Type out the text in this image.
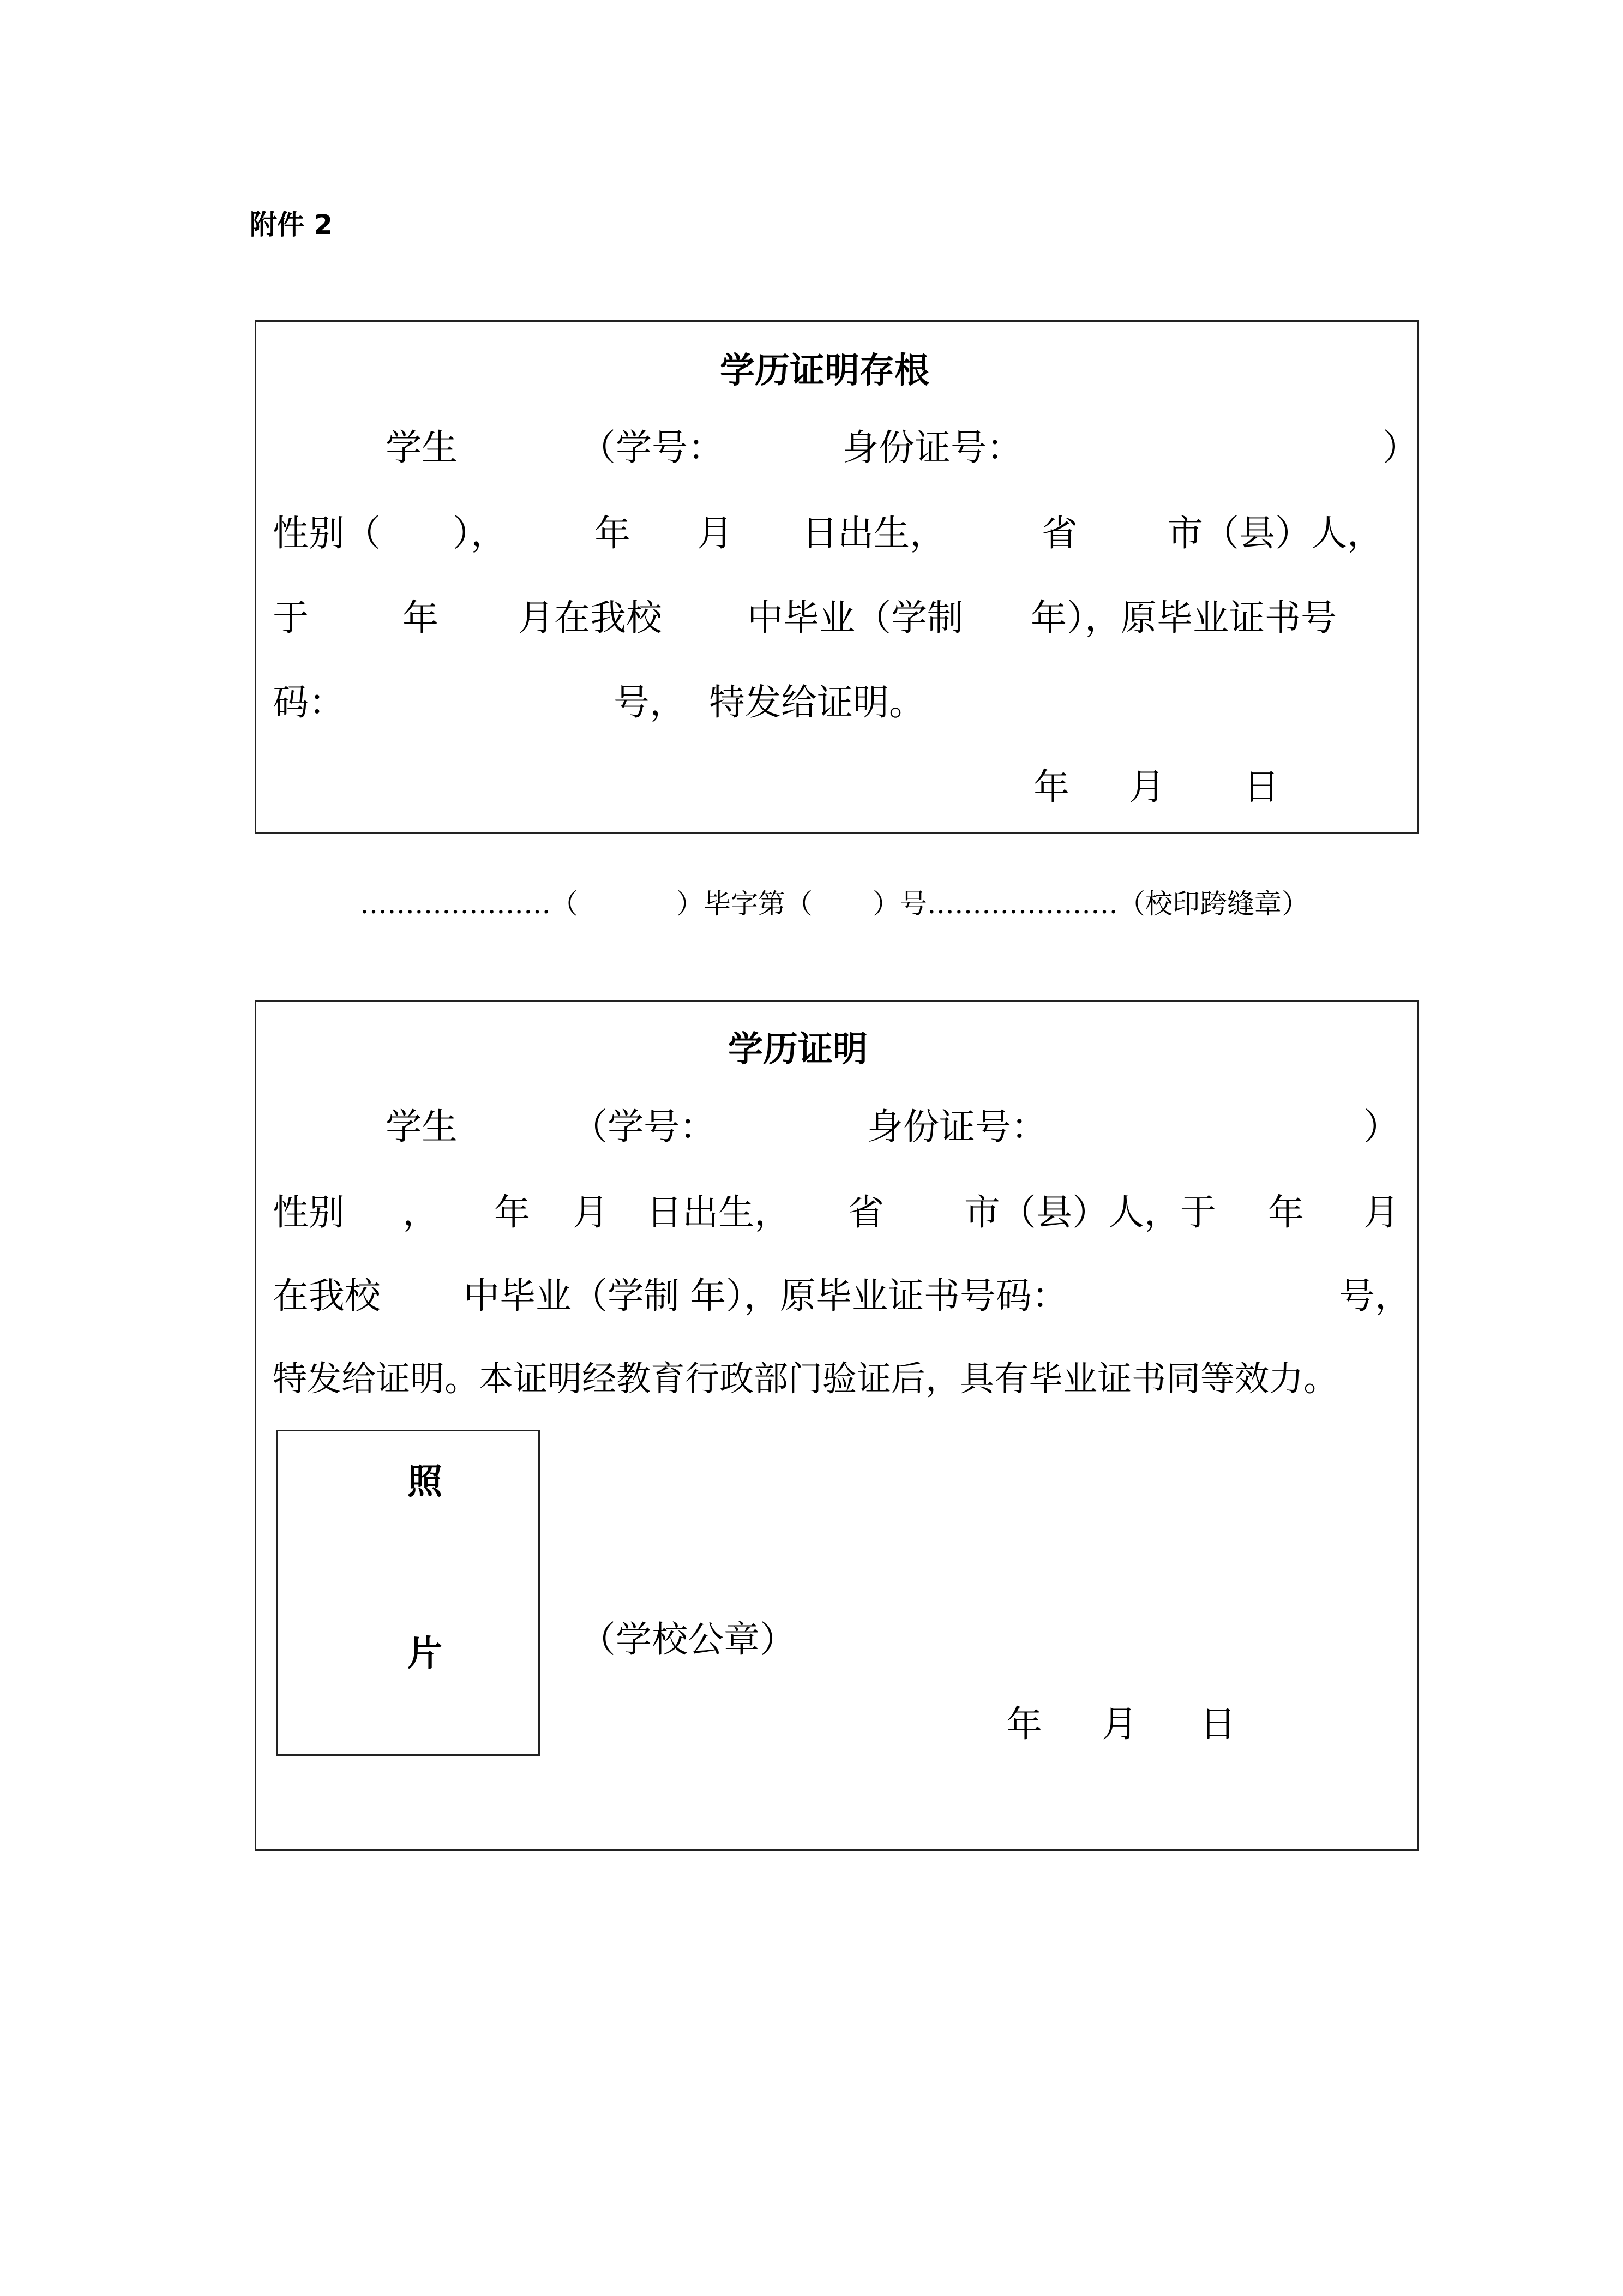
附件 2
学历证明存根
学生	（学号：	身份证号：	）
性别（ ）， 年 月 日出生，	省 市（县）人，
于	年 月在我校 中毕业（学制 年），原毕业证书号
码：	号， 特发给证明。
年 月 日
…………………（	）毕字第（ ）号…………………（校印跨缝章）
学历证明
学生	（学号：	身份证号：	）
性别 ， 年 月 日出生， 省 市（县）人，于 年 月
在我校 中毕业（学制 年），原毕业证书号码：	号，
特发给证明。本证明经教育行政部门验证后，具有毕业证书同等效力。
照
片	（学校公章）
年 月 日
